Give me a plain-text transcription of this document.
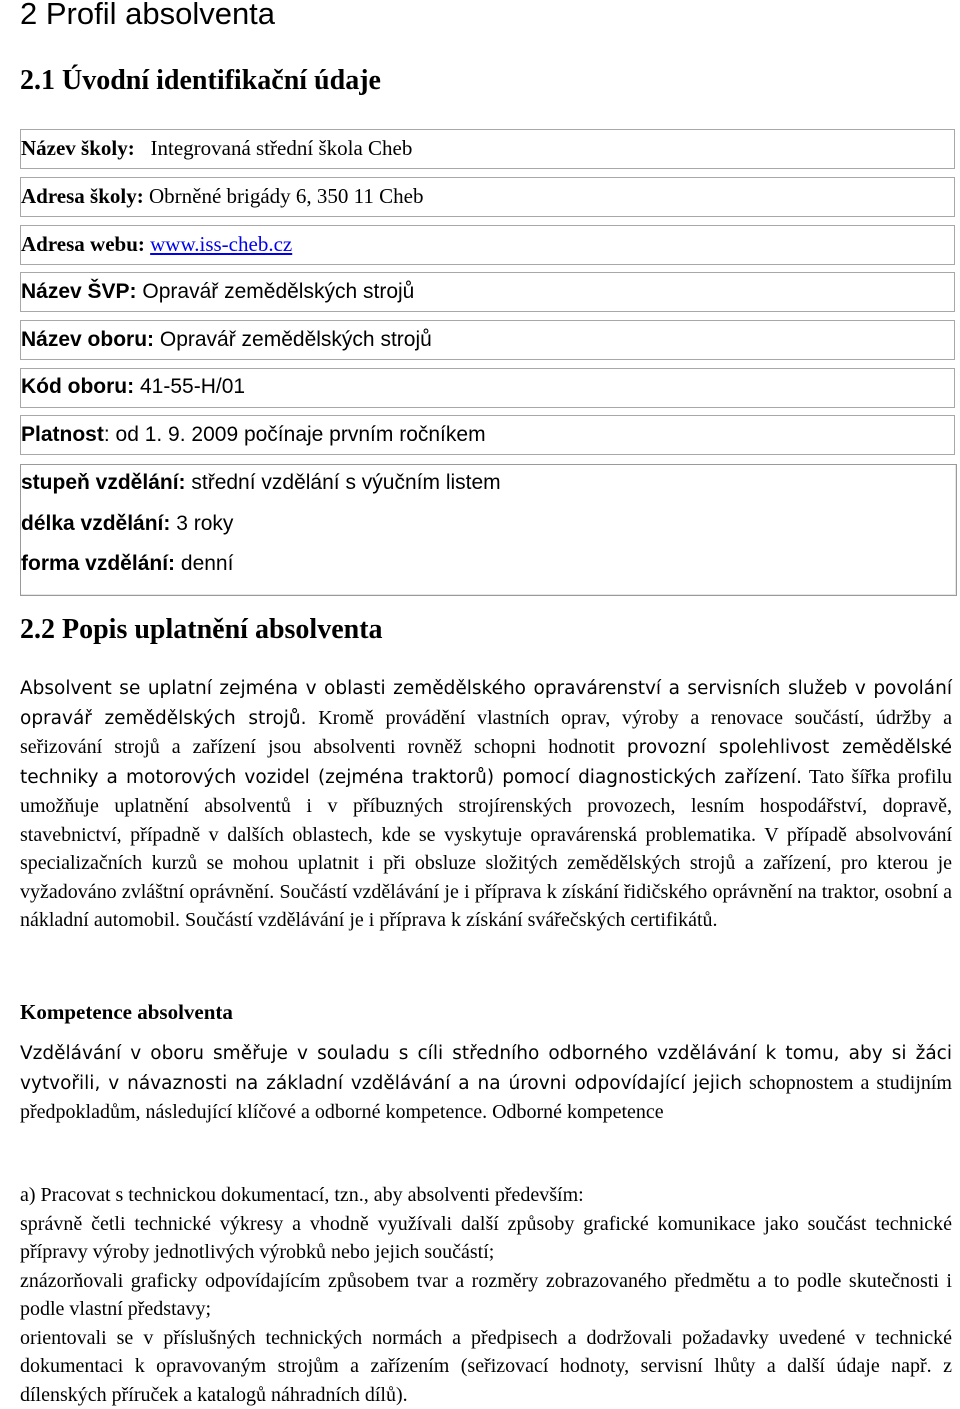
2 Profil absolventa
2.1 Úvodní identifikační údaje
Název školy: Integrovaná střední škola Cheb
Adresa školy: Obrněné brigády 6, 350 11 Cheb
Adresa webu: www.iss-cheb.cz
Název ŠVP: Opravář zemědělských strojů
Název oboru: Opravář zemědělských strojů
Kód oboru: 41-55-H/01
Platnost: od 1. 9. 2009 počínaje prvním ročníkem
stupeň vzdělání: střední vzdělání s výučním listem
délka vzdělání: 3 roky
forma vzdělání: denní
2.2 Popis uplatnění absolventa
Absolvent se uplatní zejména v oblasti zemědělského opravárenství a servisních služeb v povolání opravář zemědělských strojů. Kromě provádění vlastních oprav, výroby a renovace součástí, údržby a seřizování strojů a zařízení jsou absolventi rovněž schopni hodnotit provozní spolehlivost zemědělské techniky a motorových vozidel (zejména traktorů) pomocí diagnostických zařízení. Tato šířka profilu umožňuje uplatnění absolventů i v příbuzných strojírenských provozech, lesním hospodářství, dopravě, stavebnictví, případně v dalších oblastech, kde se vyskytuje opravárenská problematika. V případě absolvování specializačních kurzů se mohou uplatnit i při obsluze složitých zemědělských strojů a zařízení, pro kterou je vyžadováno zvláštní oprávnění. Součástí vzdělávání je i příprava k získání řidičského oprávnění na traktor, osobní a nákladní automobil. Součástí vzdělávání je i příprava k získání svářečských certifikátů.
Kompetence absolventa
Vzdělávání v oboru směřuje v souladu s cíli středního odborného vzdělávání k tomu, aby si žáci vytvořili, v návaznosti na základní vzdělávání a na úrovni odpovídající jejich schopnostem a studijním předpokladům, následující klíčové a odborné kompetence. Odborné kompetence
a) Pracovat s technickou dokumentací, tzn., aby absolventi především:
správně četli technické výkresy a vhodně využívali další způsoby grafické komunikace jako součást technické přípravy výroby jednotlivých výrobků nebo jejich součástí;
znázorňovali graficky odpovídajícím způsobem tvar a rozměry zobrazovaného předmětu a to podle skutečnosti i podle vlastní představy;
orientovali se v příslušných technických normách a předpisech a dodržovali požadavky uvedené v technické dokumentaci k opravovaným strojům a zařízením (seřizovací hodnoty, servisní lhůty a další údaje např. z dílenských příruček a katalogů náhradních dílů).
